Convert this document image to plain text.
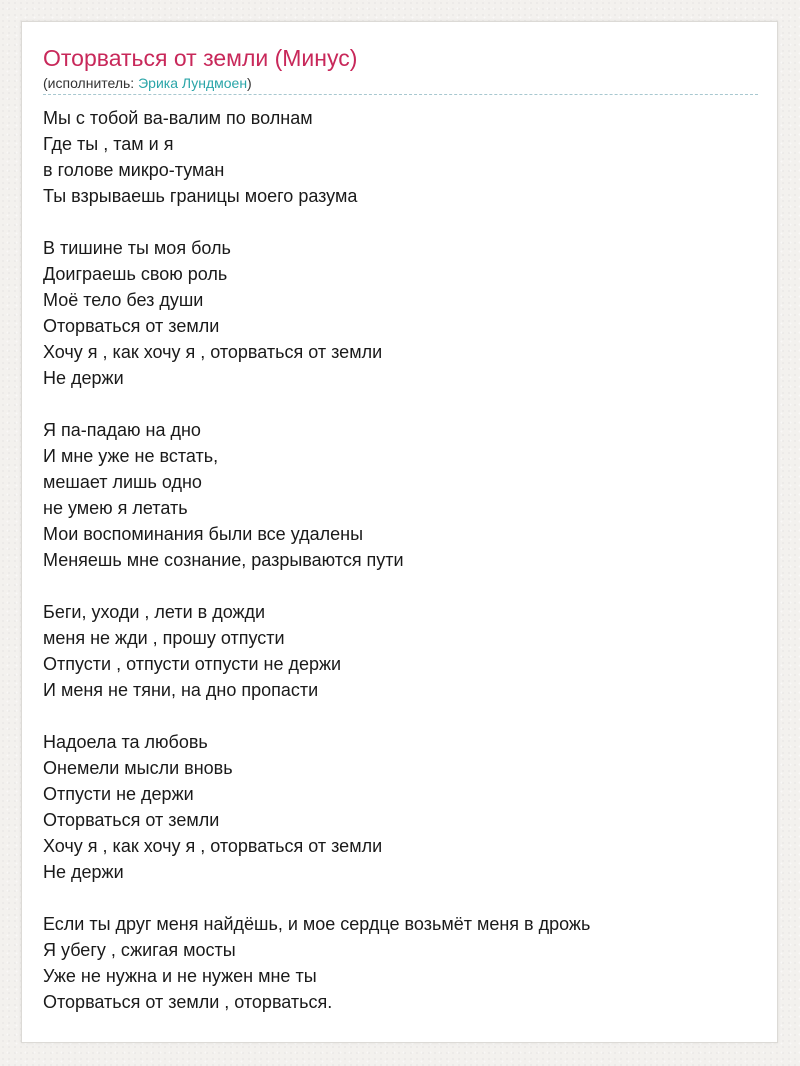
Оторваться от земли (Минус)
(исполнитель: Эрика Лундмоен)
Мы с тобой ва-валим по волнам
Где ты , там и я
в голове микро-туман
Ты взрываешь границы моего разума
В тишине ты моя боль
Доиграешь свою роль
Моё тело без души
Оторваться от земли
Хочу я , как хочу я , оторваться от земли
Не держи
Я па-падаю на дно
И мне уже не встать,
мешает лишь одно
не умею я летать
Мои воспоминания были все удалены
Меняешь мне сознание, разрываются пути
Беги, уходи , лети в дожди
меня не жди , прошу отпусти
Отпусти , отпусти отпусти не держи
И меня не тяни, на дно пропасти
Надоела та любовь
Онемели мысли вновь
Отпусти не держи
Оторваться от земли
Хочу я , как хочу я , оторваться от земли
Не держи
Если ты друг меня найдёшь, и мое сердце возьмёт меня в дрожь
Я убегу , сжигая мосты
Уже не нужна и не нужен мне ты
Оторваться от земли , оторваться.
